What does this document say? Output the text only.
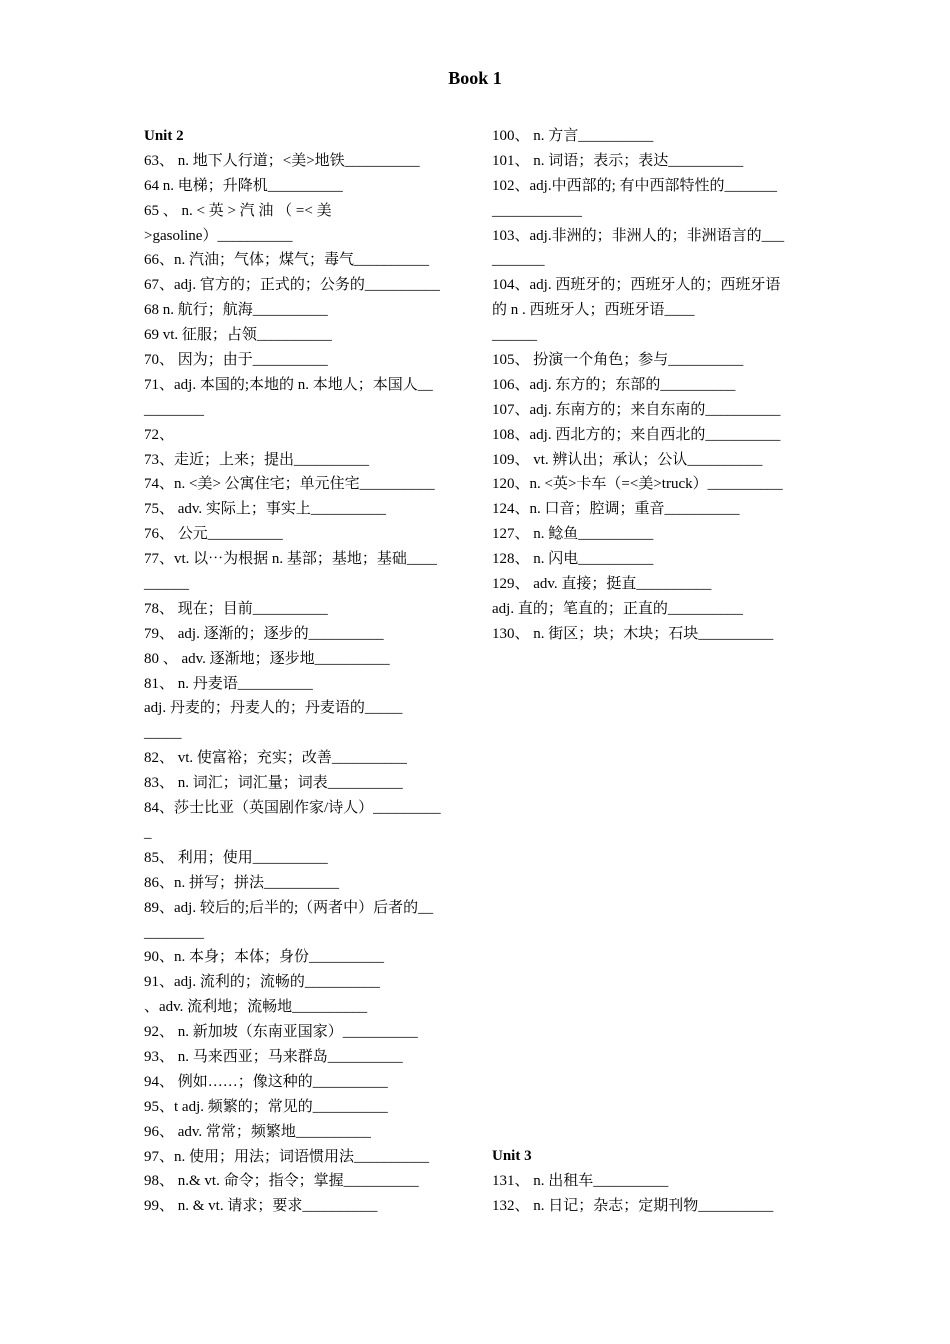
Book 1
Unit 2
63、 n. 地下人行道；<美>地铁__________
64 n. 电梯；升降机__________
65 、 n. < 英 > 汽 油 （ =< 美
>gasoline）__________
66、n. 汽油；气体；煤气；毒气__________
67、adj. 官方的；正式的；公务的__________
68 n. 航行；航海__________
69 vt. 征服；占领__________
70、 因为；由于__________
71、adj. 本国的;本地的 n. 本地人；本国人__
________
72、
73、走近；上来；提出__________
74、n. <美> 公寓住宅；单元住宅__________
75、 adv. 实际上；事实上__________
76、 公元__________
77、vt. 以⋯为根据 n. 基部；基地；基础____
______
78、 现在；目前__________
79、 adj. 逐渐的；逐步的__________
80 、 adv. 逐渐地；逐步地__________
81、 n. 丹麦语__________
adj. 丹麦的；丹麦人的；丹麦语的_____
_____
82、 vt. 使富裕；充实；改善__________
83、 n. 词汇；词汇量；词表__________
84、莎士比亚（英国剧作家/诗人）_________
_
85、 利用；使用__________
86、n. 拼写；拼法__________
89、adj. 较后的;后半的;（两者中）后者的__
________
90、n. 本身；本体；身份__________
91、adj. 流利的；流畅的__________
、adv. 流利地；流畅地__________
92、 n. 新加坡（东南亚国家）__________
93、 n. 马来西亚；马来群岛__________
94、 例如……；像这种的__________
95、t adj. 频繁的；常见的__________
96、 adv. 常常；频繁地__________
97、n. 使用；用法；词语惯用法__________
98、 n.& vt. 命令；指令；掌握__________
99、 n. & vt. 请求；要求__________
100、 n. 方言__________
101、 n. 词语；表示；表达__________
102、adj.中西部的; 有中西部特性的_______
____________
103、adj.非洲的；非洲人的；非洲语言的___
_______
104、adj. 西班牙的；西班牙人的；西班牙语
的 n . 西班牙人；西班牙语____
______
105、 扮演一个角色；参与__________
106、adj. 东方的；东部的__________
107、adj. 东南方的；来自东南的__________
108、adj. 西北方的；来自西北的__________
109、 vt. 辨认出；承认；公认__________
120、n. <英>卡车（=<美>truck）__________
124、n. 口音；腔调；重音__________
127、 n. 鲶鱼__________
128、 n. 闪电__________
129、 adv. 直接；挺直__________
adj. 直的；笔直的；正直的__________
130、 n. 街区；块；木块；石块__________
Unit 3
131、 n. 出租车__________
132、 n. 日记；杂志；定期刊物__________
